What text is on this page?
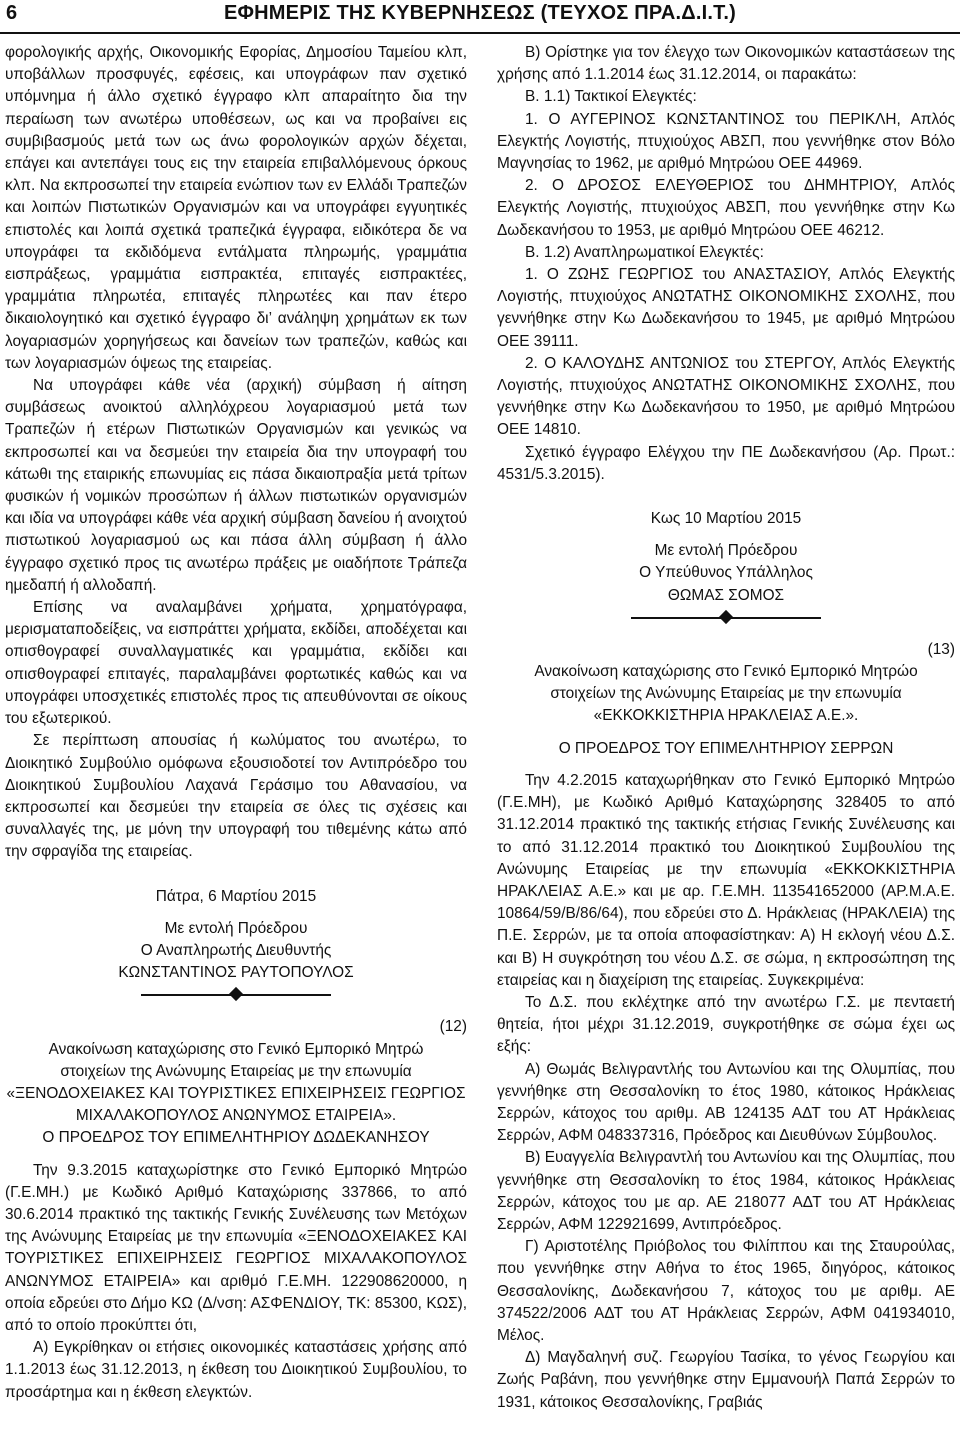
6	ΕΦΗΜΕΡΙΣ ΤΗΣ ΚΥΒΕΡΝΗΣΕΩΣ (ΤΕΥΧΟΣ ΠΡΑ.Δ.Ι.Τ.)

φορολογικής αρχής, Οικονομικής Εφορίας, Δημοσίου Ταμείου κλπ, υποβάλλων προσφυγές, εφέσεις, και υπογράφων παν σχετικό υπόμνημα ή άλλο σχετικό έγγραφο κλπ απαραίτητο δια την περαίωση των ανωτέρω υποθέσεων, ως και να προβαίνει εις συμβιβασμούς μετά των ως άνω φορολογικών αρχών δέχεται, επάγει και αντεπάγει τους εις την εταιρεία επιβαλλόμενους όρκους κλπ. Να εκπροσωπεί την εταιρεία ενώπιον των εν Ελλάδι Τραπεζών και λοιπών Πιστωτικών Οργανισμών και να υπογράφει εγγυητικές επιστολές και λοιπά σχετικά τραπεζικά έγγραφα, ειδικότερα δε να υπογράφει τα εκδιδόμενα εντάλματα πληρωμής, γραμμάτια εισπράξεως, γραμμάτια εισπρακτέα, επιταγές εισπρακτέες, γραμμάτια πληρωτέα, επιταγές πληρωτέες και παν έτερο δικαιολογητικό και σχετικό έγγραφο δι’ ανάληψη χρημάτων εκ των λογαριασμών χορηγήσεως και δανείων των τραπεζών, καθώς και των λογαριασμών όψεως της εταιρείας.

Να υπογράφει κάθε νέα (αρχική) σύμβαση ή αίτηση συμβάσεως ανοικτού αλληλόχρεου λογαριασμού μετά των Τραπεζών ή ετέρων Πιστωτικών Οργανισμών και γενικώς να εκπροσωπεί και να δεσμεύει την εταιρεία δια την υπογραφή του κάτωθι της εταιρικής επωνυμίας εις πάσα δικαιοπραξία μετά τρίτων φυσικών ή νομικών προσώπων ή άλλων πιστωτικών οργανισμών και ιδία να υπογράφει κάθε νέα αρχική σύμβαση δανείου ή ανοιχτού πιστωτικού λογαριασμού ως και πάσα άλλη σύμβαση ή άλλο έγγραφο σχετικό προς τις ανωτέρω πράξεις με οιαδήποτε Τράπεζα ημεδαπή ή αλλοδαπή.

Επίσης να αναλαμβάνει χρήματα, χρηματόγραφα, μερισματαποδείξεις, να εισπράττει χρήματα, εκδίδει, αποδέχεται και οπισθογραφεί συναλλαγματικές και γραμμάτια, εκδίδει και οπισθογραφεί επιταγές, παραλαμβάνει φορτωτικές καθώς και να υπογράφει υποσχετικές επιστολές προς τις απευθύνονται σε οίκους του εξωτερικού.

Σε περίπτωση απουσίας ή κωλύματος του ανωτέρω, το Διοικητικό Συμβούλιο ομόφωνα εξουσιοδοτεί τον Αντιπρόεδρο του Διοικητικού Συμβουλίου Λαχανά Γεράσιμο του Αθανασίου, να εκπροσωπεί και δεσμεύει την εταιρεία σε όλες τις σχέσεις και συναλλαγές της, με μόνη την υπογραφή του τιθεμένης κάτω από την σφραγίδα της εταιρείας.

Πάτρα, 6 Μαρτίου 2015

Με εντολή Πρόεδρου

Ο Αναπληρωτής Διευθυντής

ΚΩΝΣΤΑΝΤΙΝΟΣ ΡΑΥΤΟΠΟΥΛΟΣ

(12)

Ανακοίνωση καταχώρισης στο Γενικό Εμπορικό Μητρώ
στοιχείων της Ανώνυμης Εταιρείας με την επωνυμία «ΞΕΝΟΔΟΧΕΙΑΚΕΣ ΚΑΙ ΤΟΥΡΙΣΤΙΚΕΣ ΕΠΙΧΕΙΡΗΣΕΙΣ ΓΕΩΡΓΙΟΣ ΜΙΧΑΛΑΚΟΠΟΥΛΟΣ ΑΝΩΝΥΜΟΣ ΕΤΑΙΡΕΙΑ».

Ο ΠΡΟΕΔΡΟΣ ΤΟΥ ΕΠΙΜΕΛΗΤΗΡΙΟΥ ΔΩΔΕΚΑΝΗΣΟΥ

Την 9.3.2015 καταχωρίστηκε στο Γενικό Εμπορικό Μητρώο (Γ.Ε.ΜΗ.) με Κωδικό Αριθμό Καταχώρισης 337866, το από 30.6.2014 πρακτικό της τακτικής Γενικής Συνέλευσης των Μετόχων της Ανώνυμης Εταιρείας με την επωνυμία «ΞΕΝΟΔΟΧΕΙΑΚΕΣ ΚΑΙ ΤΟΥΡΙΣΤΙΚΕΣ ΕΠΙΧΕΙΡΗΣΕΙΣ ΓΕΩΡΓΙΟΣ ΜΙΧΑΛΑΚΟΠΟΥΛΟΣ ΑΝΩΝΥΜΟΣ ΕΤΑΙΡΕΙΑ» και αριθμό Γ.Ε.ΜΗ. 122908620000, η οποία εδρεύει στο Δήμο ΚΩ (Δ/νση: ΑΣΦΕΝΔΙΟΥ, ΤΚ: 85300, ΚΩΣ), από το οποίο προκύπτει ότι,

Α) Εγκρίθηκαν οι ετήσιες οικονομικές καταστάσεις χρήσης από 1.1.2013 έως 31.12.2013, η έκθεση του Διοικητικού Συμβουλίου, το προσάρτημα και η έκθεση ελεγκτών.

Β) Ορίστηκε για τον έλεγχο των Οικονομικών καταστάσεων της χρήσης από 1.1.2014 έως 31.12.2014, οι παρακάτω:

Β. 1.1) Τακτικοί Ελεγκτές:

1. Ο ΑΥΓΕΡΙΝΟΣ ΚΩΝΣΤΑΝΤΙΝΟΣ του ΠΕΡΙΚΛΗ, Απλός Ελεγκτής Λογιστής, πτυχιούχος ΑΒΣΠ, που γεννήθηκε στον Βόλο Μαγνησίας το 1962, με αριθμό Μητρώου ΟΕΕ 44969.

2. Ο ΔΡΟΣΟΣ ΕΛΕΥΘΕΡΙΟΣ του ΔΗΜΗΤΡΙΟΥ, Απλός Ελεγκτής Λογιστής, πτυχιούχος ΑΒΣΠ, που γεννήθηκε στην Κω Δωδεκανήσου το 1953, με αριθμό Μητρώου ΟΕΕ 46212.

Β. 1.2) Αναπληρωματικοί Ελεγκτές:

1. Ο ΖΩΗΣ ΓΕΩΡΓΙΟΣ του ΑΝΑΣΤΑΣΙΟΥ, Απλός Ελεγκτής Λογιστής, πτυχιούχος ΑΝΩΤΑΤΗΣ ΟΙΚΟΝΟΜΙΚΗΣ ΣΧΟΛΗΣ, που γεννήθηκε στην Κω Δωδεκανήσου το 1945, με αριθμό Μητρώου ΟΕΕ 39111.

2. Ο ΚΑΛΟΥΔΗΣ ΑΝΤΩΝΙΟΣ του ΣΤΕΡΓΟΥ, Απλός Ελεγκτής Λογιστής, πτυχιούχος ΑΝΩΤΑΤΗΣ ΟΙΚΟΝΟΜΙΚΗΣ ΣΧΟΛΗΣ, που γεννήθηκε στην Κω Δωδεκανήσου το 1950, με αριθμό Μητρώου ΟΕΕ 14810.

Σχετικό έγγραφο Ελέγχου την ΠΕ Δωδεκανήσου (Αρ. Πρωτ.: 4531/5.3.2015).

Κως 10 Μαρτίου 2015

Με εντολή Πρόεδρου

Ο Υπεύθυνος Υπάλληλος

ΘΩΜΑΣ ΣΟΜΟΣ

(13)

Ανακοίνωση καταχώρισης στο Γενικό Εμπορικό Μητρώο
στοιχείων της Ανώνυμης Εταιρείας με την επωνυμία «ΕΚΚΟΚΚΙΣΤΗΡΙΑ ΗΡΑΚΛΕΙΑΣ Α.Ε.».

Ο ΠΡΟΕΔΡΟΣ ΤΟΥ ΕΠΙΜΕΛΗΤΗΡΙΟΥ ΣΕΡΡΩΝ

Την 4.2.2015 καταχωρήθηκαν στο Γενικό Εμπορικό Μητρώο (Γ.Ε.ΜΗ), με Κωδικό Αριθμό Καταχώρησης 328405 το από 31.12.2014 πρακτικό της τακτικής ετήσιας Γενικής Συνέλευσης και το από 31.12.2014 πρακτικό του Διοικητικού Συμβουλίου της Ανώνυμης Εταιρείας με την επωνυμία «ΕΚΚΟΚΚΙΣΤΗΡΙΑ ΗΡΑΚΛΕΙΑΣ Α.Ε.» και με αρ. Γ.Ε.ΜΗ. 113541652000 (ΑΡ.Μ.Α.Ε. 10864/59/Β/86/64), που εδρεύει στο Δ. Ηράκλειας (ΗΡΑΚΛΕΙΑ) της Π.Ε. Σερρών, με τα οποία αποφασίστηκαν: Α) Η εκλογή νέου Δ.Σ. και Β) Η συγκρότηση του νέου Δ.Σ. σε σώμα, η εκπροσώπηση της εταιρείας και η διαχείριση της εταιρείας. Συγκεκριμένα:

Το Δ.Σ. που εκλέχτηκε από την ανωτέρω Γ.Σ. με πενταετή θητεία, ήτοι μέχρι 31.12.2019, συγκροτήθηκε σε σώμα έχει ως εξής:

Α) Θωμάς Βελιγραντλής του Αντωνίου και της Ολυμπίας, που γεννήθηκε στη Θεσσαλονίκη το έτος 1980, κάτοικος Ηράκλειας Σερρών, κάτοχος του αριθμ. ΑΒ 124135 ΑΔΤ του ΑΤ Ηράκλειας Σερρών, ΑΦΜ 048337316, Πρόεδρος και Διευθύνων Σύμβουλος.

Β) Ευαγγελία Βελιγραντλή του Αντωνίου και της Ολυμπίας, που γεννήθηκε στη Θεσσαλονίκη το έτος 1984, κάτοικος Ηράκλειας Σερρών, κάτοχος του με αρ. ΑΕ 218077 ΑΔΤ του ΑΤ Ηράκλειας Σερρών, ΑΦΜ 122921699, Αντιπρόεδρος.

Γ) Αριστοτέλης Πριόβολος του Φιλίππου και της Σταυρούλας, που γεννήθηκε στην Αθήνα το έτος 1965, διηγόρος, κάτοικος Θεσσαλονίκης, Δωδεκανήσου 7, κάτοχος του με αριθμ. ΑΕ 374522/2006 ΑΔΤ του ΑΤ Ηράκλειας Σερρών, ΑΦΜ 041934010, Μέλος.

Δ) Μαγδαληνή συζ. Γεωργίου Τασίκα, το γένος Γεωργίου και Ζωής Ραβάνη, που γεννήθηκε στην Εμμανουήλ Παπά Σερρών το 1931, κάτοικος Θεσσαλονίκης, Γραβιάς
